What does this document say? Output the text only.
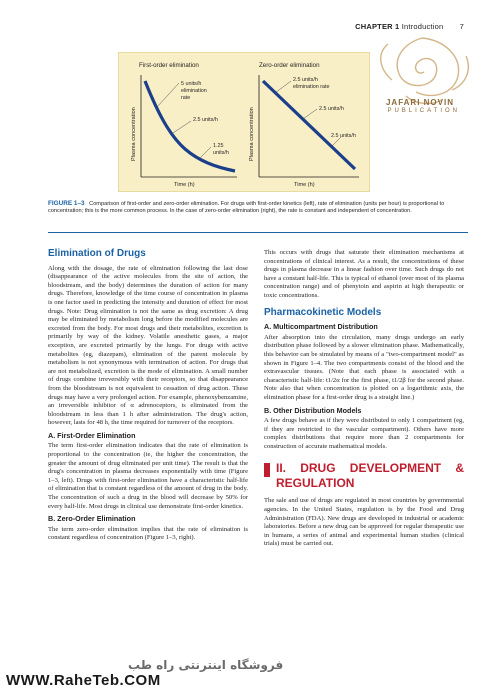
CHAPTER 1 Introduction 7
JAFARI NOVIN
PUBLICATION
First-order elimination
Plasma concentration
Time (h)
5 units/h
elimination
rate
2.5 units/h
1.25
units/h
Zero-order elimination
Plasma concentration
Time (h)
2.5 units/h
elimination rate
2.5 units/h
2.5 units/h
FIGURE 1–3 Comparison of first-order and zero-order elimination. For drugs with first-order kinetics (left), rate of elimination (units per hour) is proportional to concentration; this is the more common process. In the case of zero-order elimination (right), the rate is constant and independent of concentration.
Elimination of Drugs

Along with the dosage, the rate of elimination following the last dose (disappearance of the active molecules from the site of action, the bloodstream, and the body) determines the duration of action for many drugs. Therefore, knowledge of the time course of concentration in plasma is one factor used in predicting the intensity and duration of effect for most drugs. Note: Drug elimination is not the same as drug excretion: A drug may be eliminated by metabolism long before the modified molecules are excreted from the body. For most drugs and their metabolites, excretion is primarily by way of the kidney. Volatile anesthetic gases, a major exception, are excreted primarily by the lungs. For drugs with active metabolites (eg, diazepam), elimination of the parent molecule by metabolism is not synonymous with termination of action. For drugs that are not metabolized, excretion is the mode of elimination. A small number of drugs combine irreversibly with their receptors, so that disappearance from the bloodstream is not equivalent to cessation of drug action. These drugs may have a very prolonged action. For example, phenoxybenzamine, an irreversible inhibitor of α adrenoceptors, is eliminated from the bloodstream in less than 1 h after administration. The drug's action, however, lasts for 48 h, the time required for turnover of the receptors.

A. First-Order Elimination

The term first-order elimination indicates that the rate of elimination is proportional to the concentration (ie, the higher the concentration, the greater the amount of drug eliminated per unit time). The result is that the drug's concentration in plasma decreases exponentially with time (Figure 1–3, left). Drugs with first-order elimination have a characteristic half-life of elimination that is constant regardless of the amount of drug in the body. The concentration of such a drug in the blood will decrease by 50% for every half-life. Most drugs in clinical use demonstrate first-order kinetics.

B. Zero-Order Elimination

The term zero-order elimination implies that the rate of elimination is constant regardless of concentration (Figure 1–3, right).

This occurs with drugs that saturate their elimination mechanisms at concentrations of clinical interest. As a result, the concentrations of these drugs in plasma decrease in a linear fashion over time. Such drugs do not have a constant half-life. This is typical of ethanol (over most of its plasma concentration range) and of phenytoin and aspirin at high therapeutic or toxic concentrations.

Pharmacokinetic Models
A. Multicompartment Distribution

After absorption into the circulation, many drugs undergo an early distribution phase followed by a slower elimination phase. Mathematically, this behavior can be simulated by means of a "two-compartment model" as shown in Figure 1–4. The two compartments consist of the blood and the extravascular tissues. (Note that each phase is associated with a characteristic half-life: t1/2α for the first phase, t1/2β for the second phase. Note also that when concentration is plotted on a logarithmic axis, the elimination phase for a first-order drug is a straight line.)

B. Other Distribution Models

A few drugs behave as if they were distributed to only 1 compartment (eg, if they are restricted to the vascular compartment). Others have more complex distributions that require more than 2 compartments for construction of accurate mathematical models.

II. DRUG DEVELOPMENT & REGULATION

The sale and use of drugs are regulated in most countries by governmental agencies. In the United States, regulation is by the Food and Drug Administration (FDA). New drugs are developed in industrial or academic laboratories. Before a new drug can be approved for regular therapeutic use in humans, a series of animal and experimental human studies (clinical trials) must be carried out.

فروشگاه اینترنتی راه طب
WWW.RaheTeb.COM
